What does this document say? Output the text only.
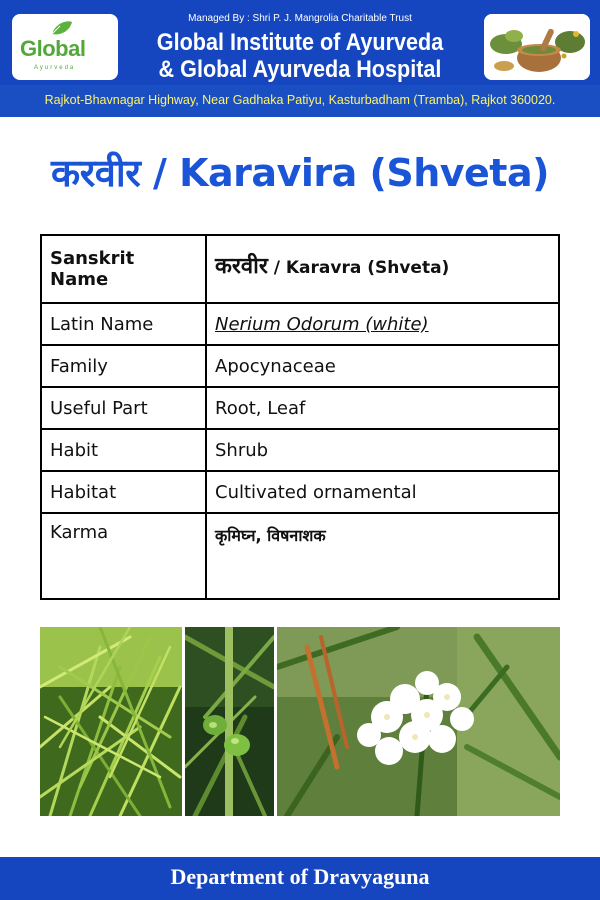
Global
Ayurveda
Managed By : Shri P. J. Mangrolia Charitable Trust
Global Institute of Ayurveda
& Global Ayurveda Hospital
Rajkot-Bhavnagar Highway, Near Gadhaka Patiyu, Kasturbadham (Tramba), Rajkot 360020.
करवीर / Karavira (Shveta)
Sanskrit Name	करवीर / Karavra (Shveta)
Latin Name	Nerium Odorum (white)
Family	Apocynaceae
Useful Part	Root, Leaf
Habit	Shrub
Habitat	Cultivated ornamental
Karma	कृमिघ्न, विषनाशक
Department of Dravyaguna
